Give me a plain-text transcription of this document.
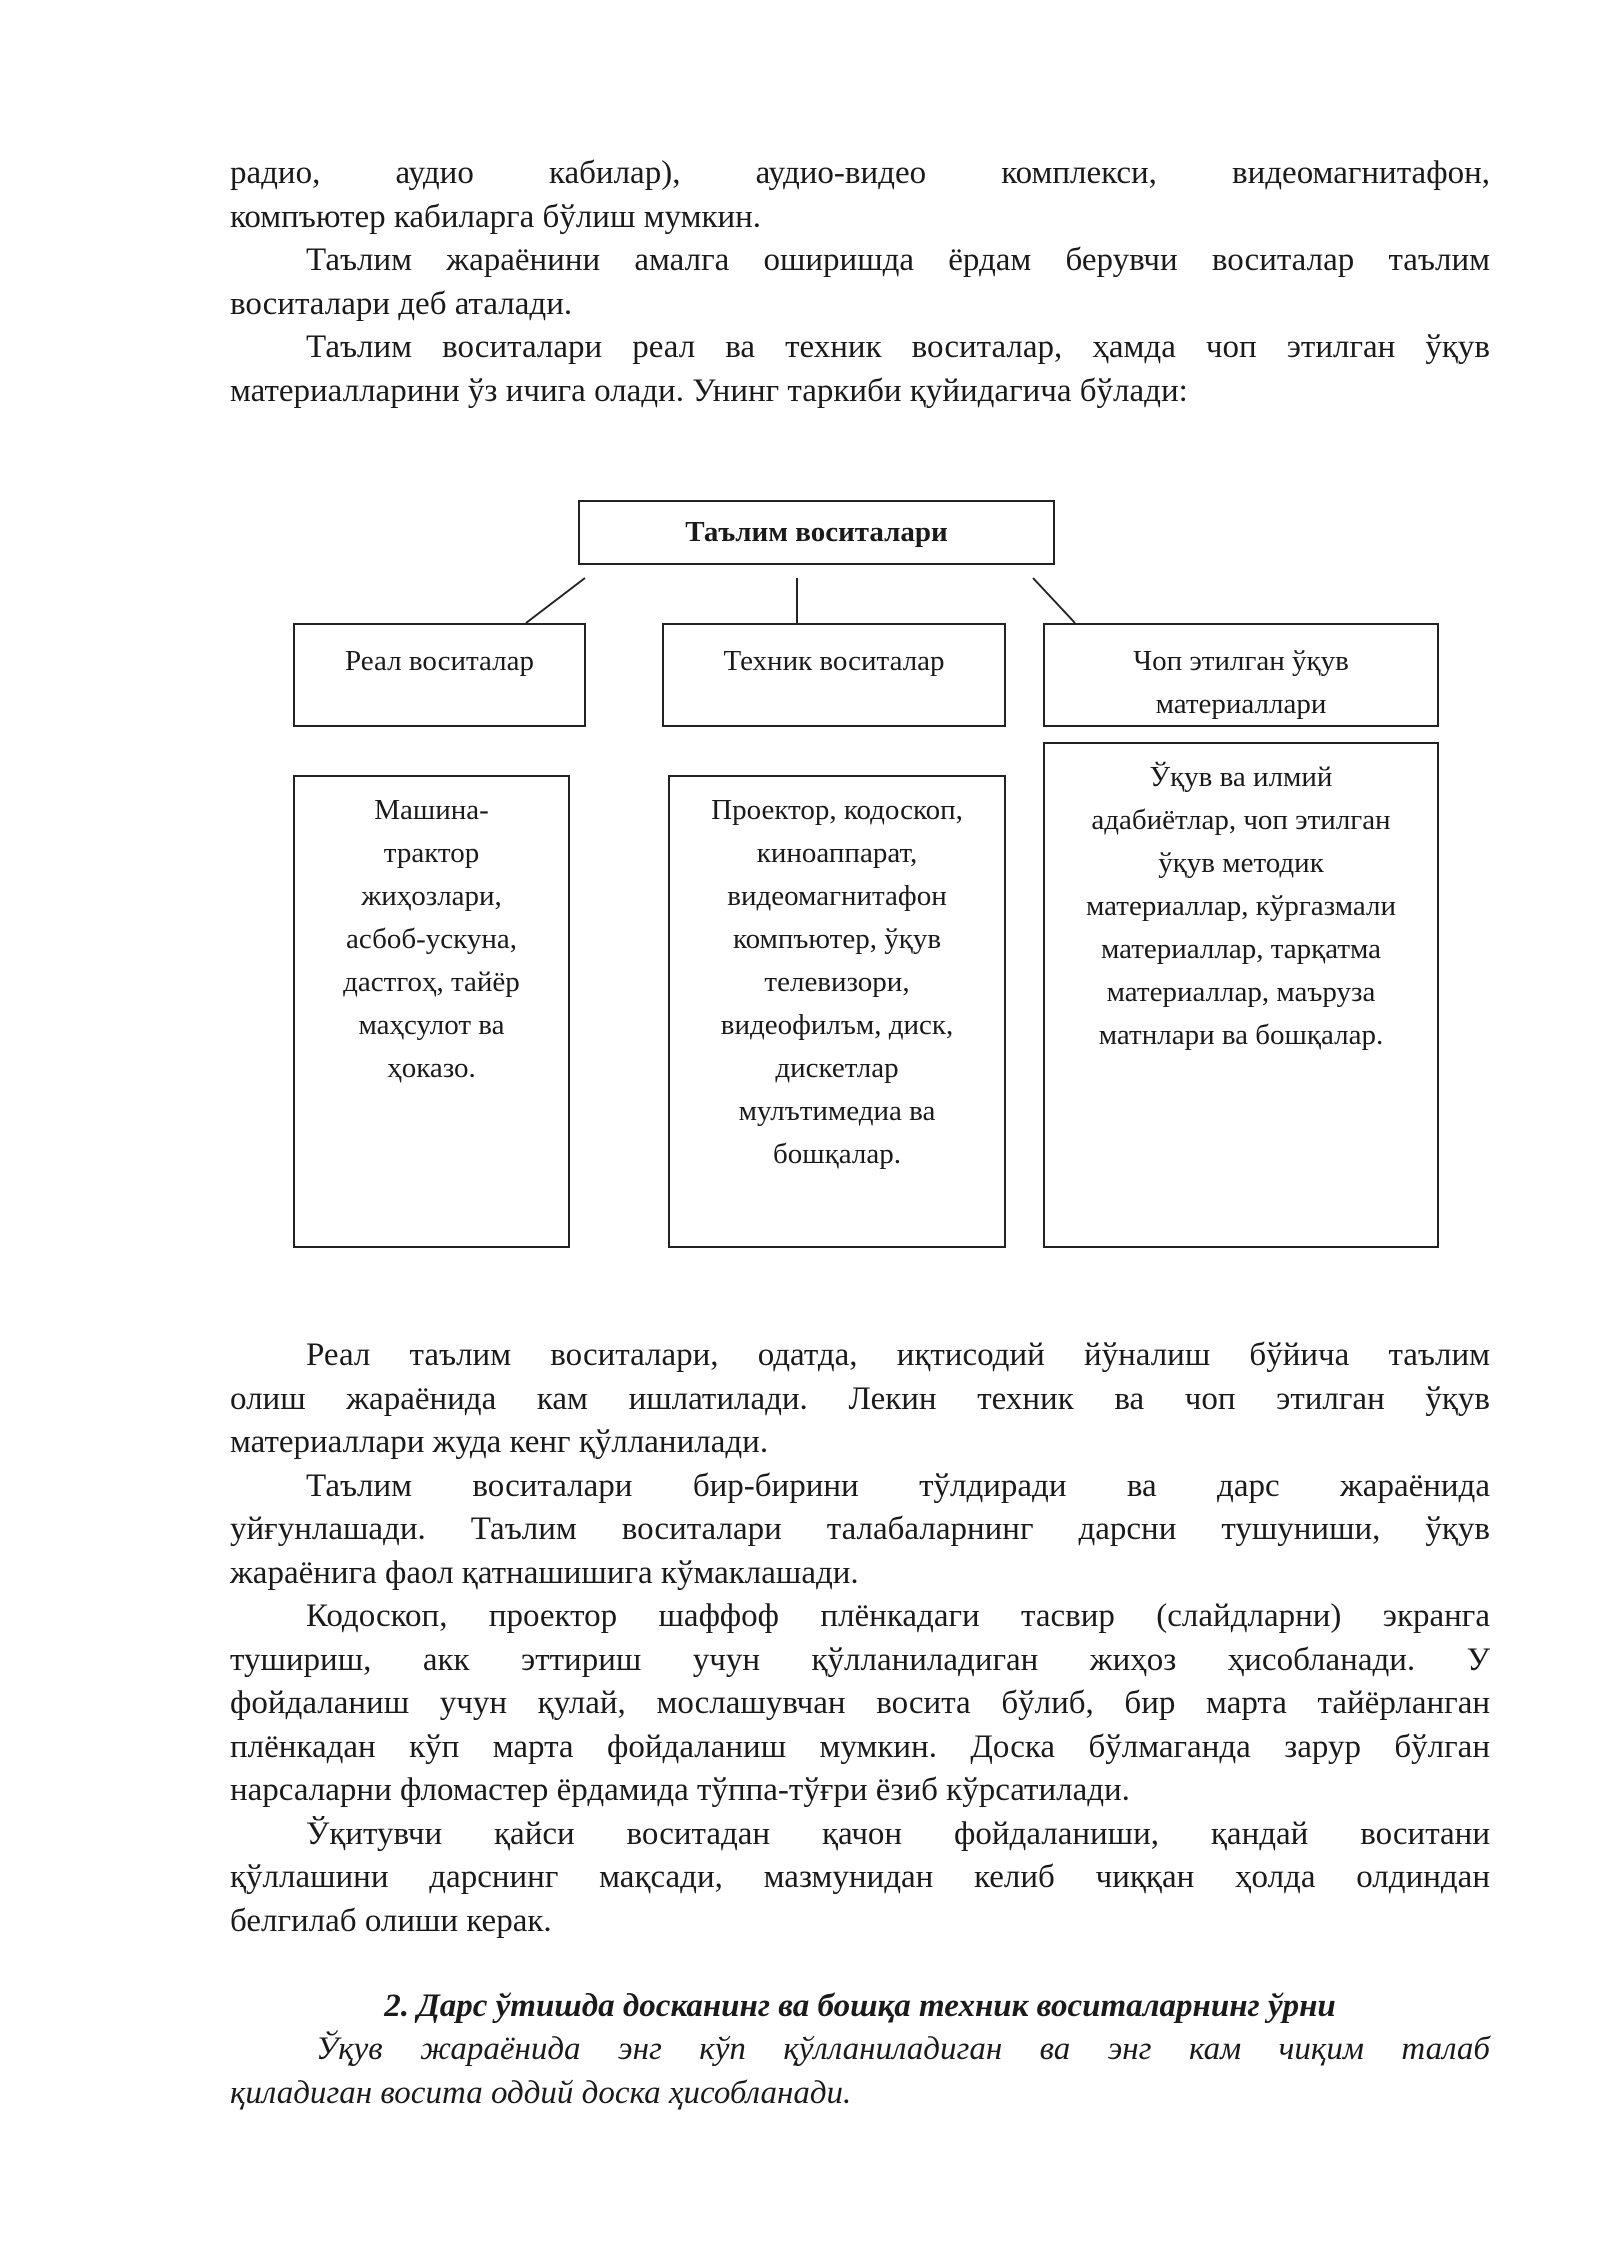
радио, аудио кабилар), аудио-видео комплекси, видеомагнитафон,
компъютер кабиларга бўлиш мумкин.

Таълим жараёнини амалга оширишда ёрдам берувчи воситалар таълим
воситалари деб аталади.

Таълим воситалари реал ва техник воситалар, ҳамда чоп этилган ўқув
материалларини ўз ичига олади. Унинг таркиби қуйидагича бўлади:

Таълим воситалари
Реал воситалар	Техник воситалар	Чоп этилган ўқув
материаллари
Машина-
трактор
жиҳозлари,
асбоб-ускуна,
дастгоҳ, тайёр
маҳсулот ва
ҳоказо.
Проектор, кодоскоп,
киноаппарат,
видеомагнитафон
компъютер, ўқув
телевизори,
видеофилъм, диск,
дискетлар
мулътимедиа ва
бошқалар.
Ўқув ва илмий
адабиётлар, чоп этилган
ўқув методик
материаллар, кўргазмали
материаллар, тарқатма
материаллар, маъруза
матнлари ва бошқалар.

Реал таълим воситалари, одатда, иқтисодий йўналиш бўйича таълим
олиш жараёнида кам ишлатилади. Лекин техник ва чоп этилган ўқув
материаллари жуда кенг қўлланилади.

Таълим воситалари бир-бирини тўлдиради ва дарс жараёнида
уйғунлашади. Таълим воситалари талабаларнинг дарсни тушуниши, ўқув
жараёнига фаол қатнашишига кўмаклашади.

Кодоскоп, проектор шаффоф плёнкадаги тасвир (слайдларни) экранга
тушириш, акк эттириш учун қўлланиладиган жиҳоз ҳисобланади. У
фойдаланиш учун қулай, мослашувчан восита бўлиб, бир марта тайёрланган
плёнкадан кўп марта фойдаланиш мумкин. Доска бўлмаганда зарур бўлган
нарсаларни фломастер ёрдамида тўппа-тўғри ёзиб кўрсатилади.

Ўқитувчи қайси воситадан қачон фойдаланиши, қандай воситани
қўллашини дарснинг мақсади, мазмунидан келиб чиққан ҳолда олдиндан
белгилаб олиши керак.

2. Дарс ўтишда досканинг ва бошқа техник воситаларнинг ўрни
Ўқув жараёнида энг кўп қўлланиладиган ва энг кам чиқим талаб
қиладиган восита оддий доска ҳисобланади.
